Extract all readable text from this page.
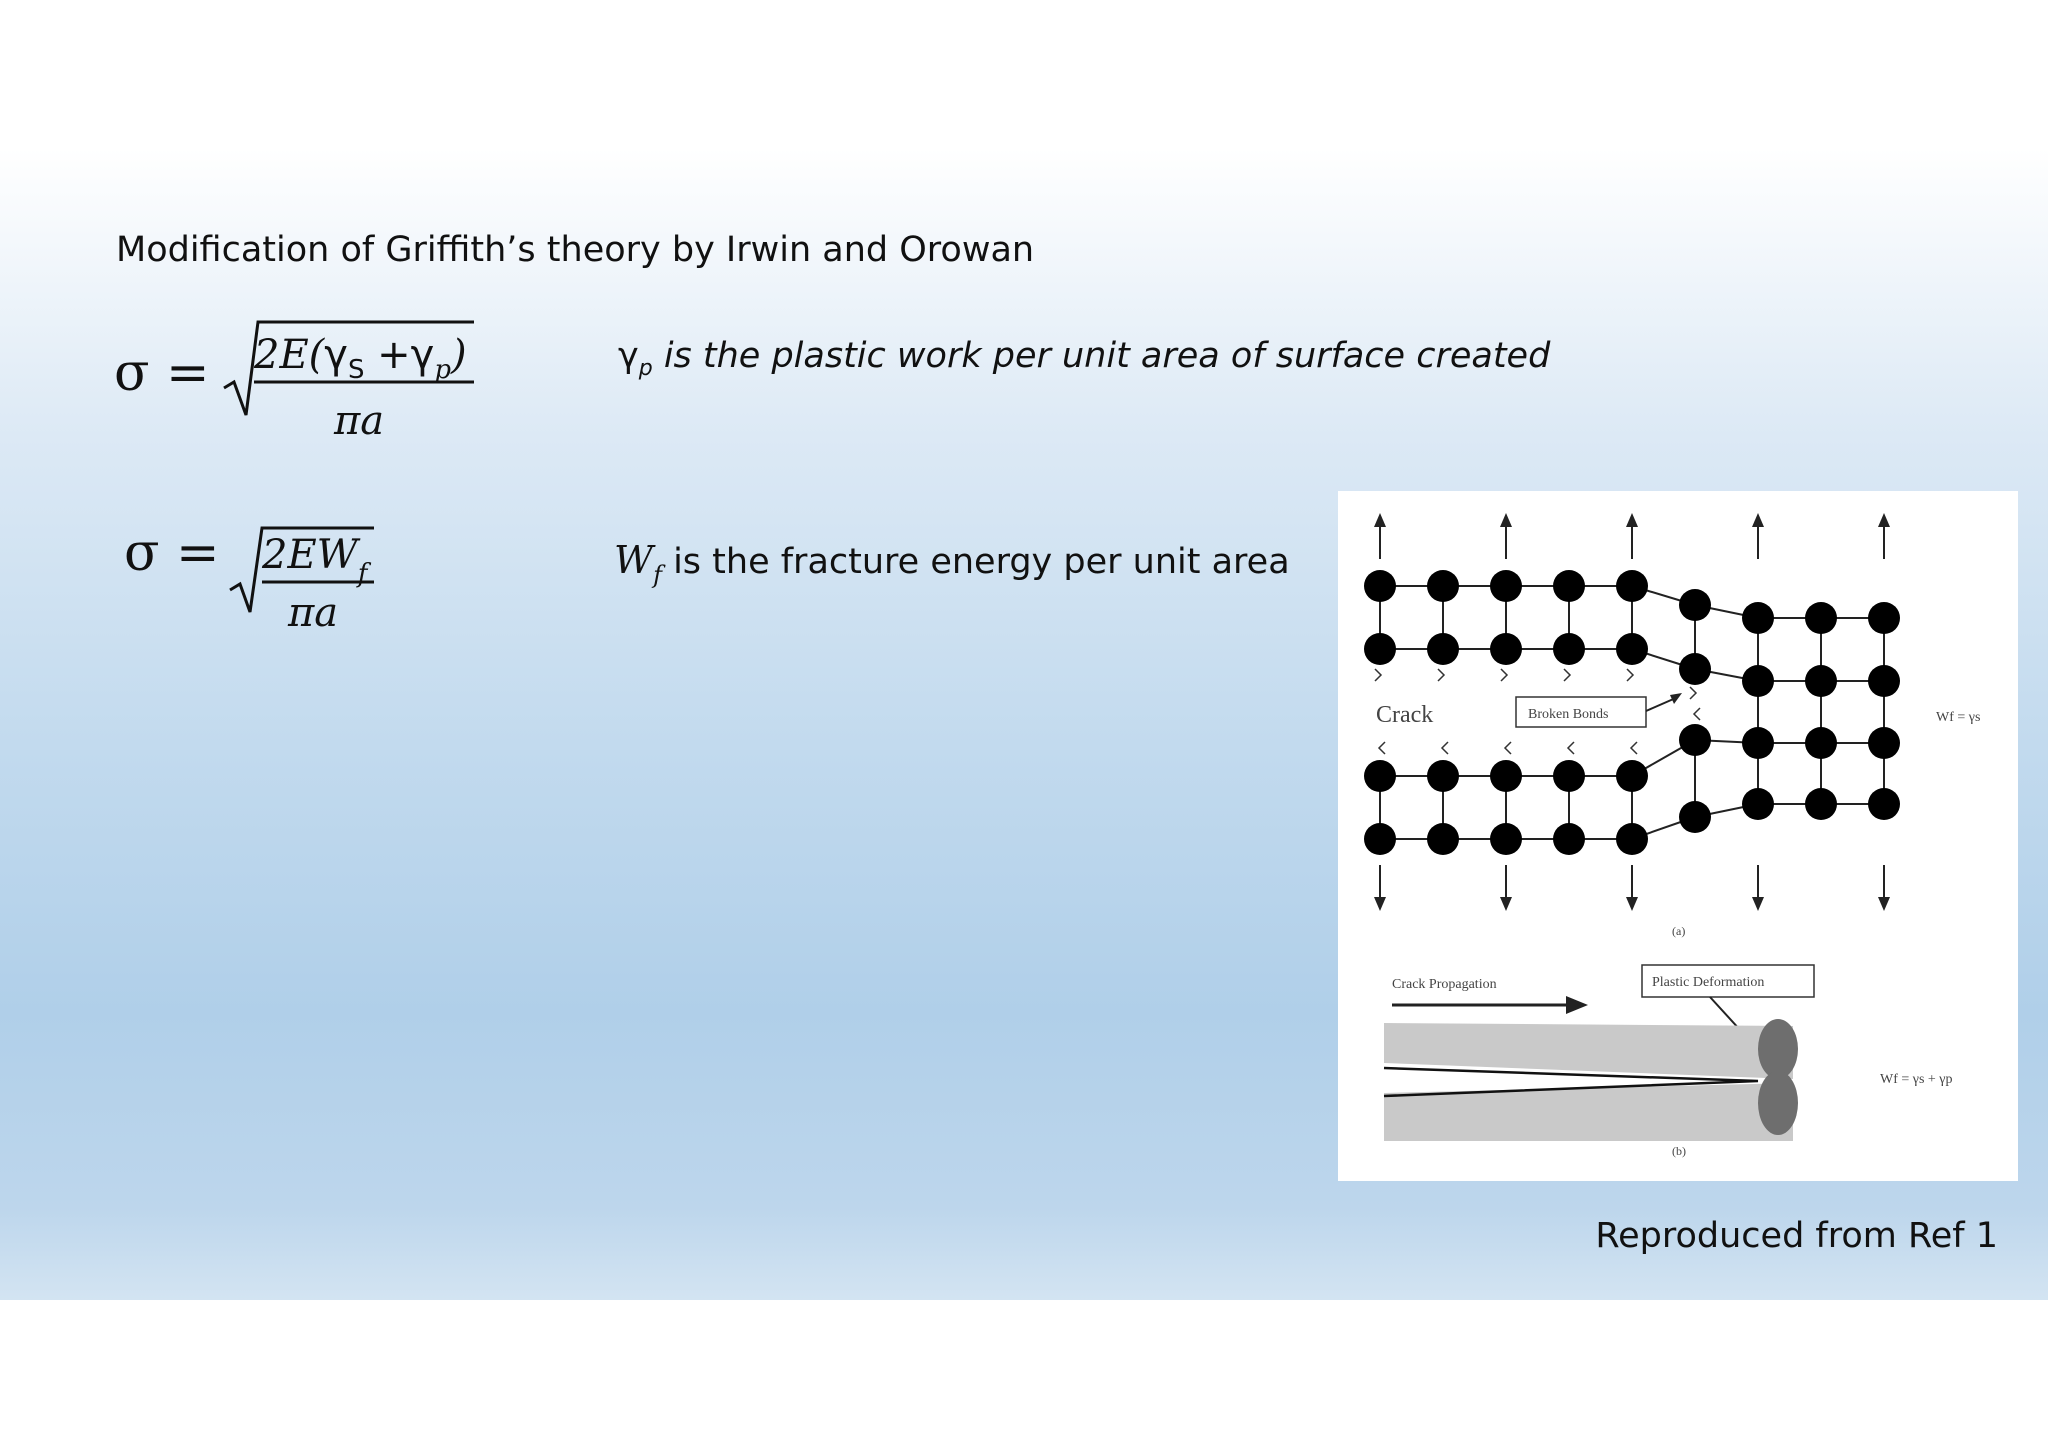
Modification of Griffith’s theory by Irwin and Orowan
$\sigma = 2E(\gamma_S +\gamma_p)$
πa
$\gamma_p$ is the plastic work per unit area of surface created
$\sigma = 2EW_f$
πa
$W_f$ is the fracture energy per unit area
Crack	Broken Bonds	Wf = γs
(a)
Crack Propagation	Plastic Deformation
Wf = γs + γp
(b)
Reproduced from Ref 1
